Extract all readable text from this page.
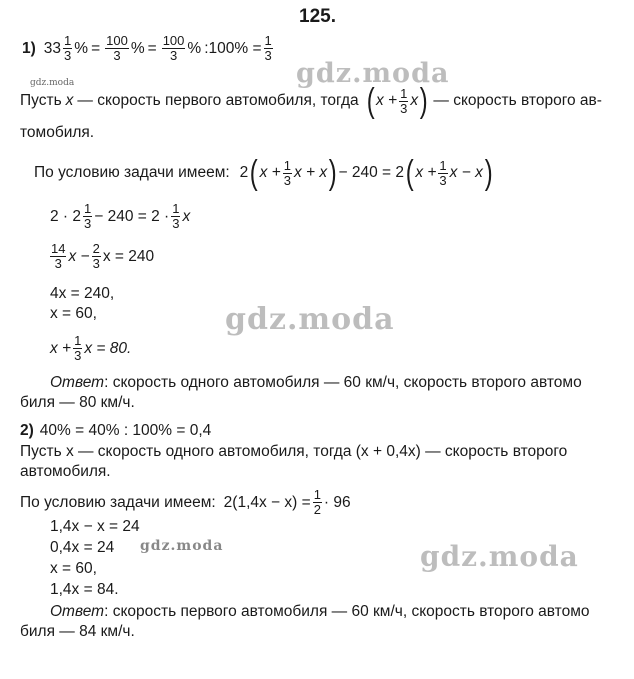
125.
gdz.moda
gdz.moda
gdz.moda
gdz.moda	gdz.moda
1) $33 \frac{1}{3}$ % = $\frac{100}{3}$ % = $\frac{100}{3}$ % :100% = $\frac{1}{3}$
Пусть x — скорость первого автомобиля, тогда ( $x + \frac{1}{3}$ x ) — скорость второго ав-
томобиля.
По условию задачи имеем: 2 ( $x + \frac{1}{3}$ x + x ) − 240 = 2 ( $x + \frac{1}{3}$ x − x )
$2 \cdot 2 \frac{1}{3} - 240 = 2 \cdot \frac{1}{3}$ x
$\frac{14}{3}$ $x - \frac{2}{3}$ x = 240
4x = 240,
x = 60,
$x + \frac{1}{3}$ x = 80.
Ответ: скорость одного автомобиля — 60 км/ч, скорость второго автомо
биля — 80 км/ч.
2) 40% = 40% : 100% = 0,4
Пусть x — скорость одного автомобиля, тогда (x + 0,4x) — скорость второго
автомобиля.
По условию задачи имеем: $2(1,4x - x) = \frac{1}{2} \cdot 96$
1,4x − x = 24
0,4x = 24
x = 60,
1,4x = 84.
Ответ: скорость первого автомобиля — 60 км/ч, скорость второго автомо
биля — 84 км/ч.
